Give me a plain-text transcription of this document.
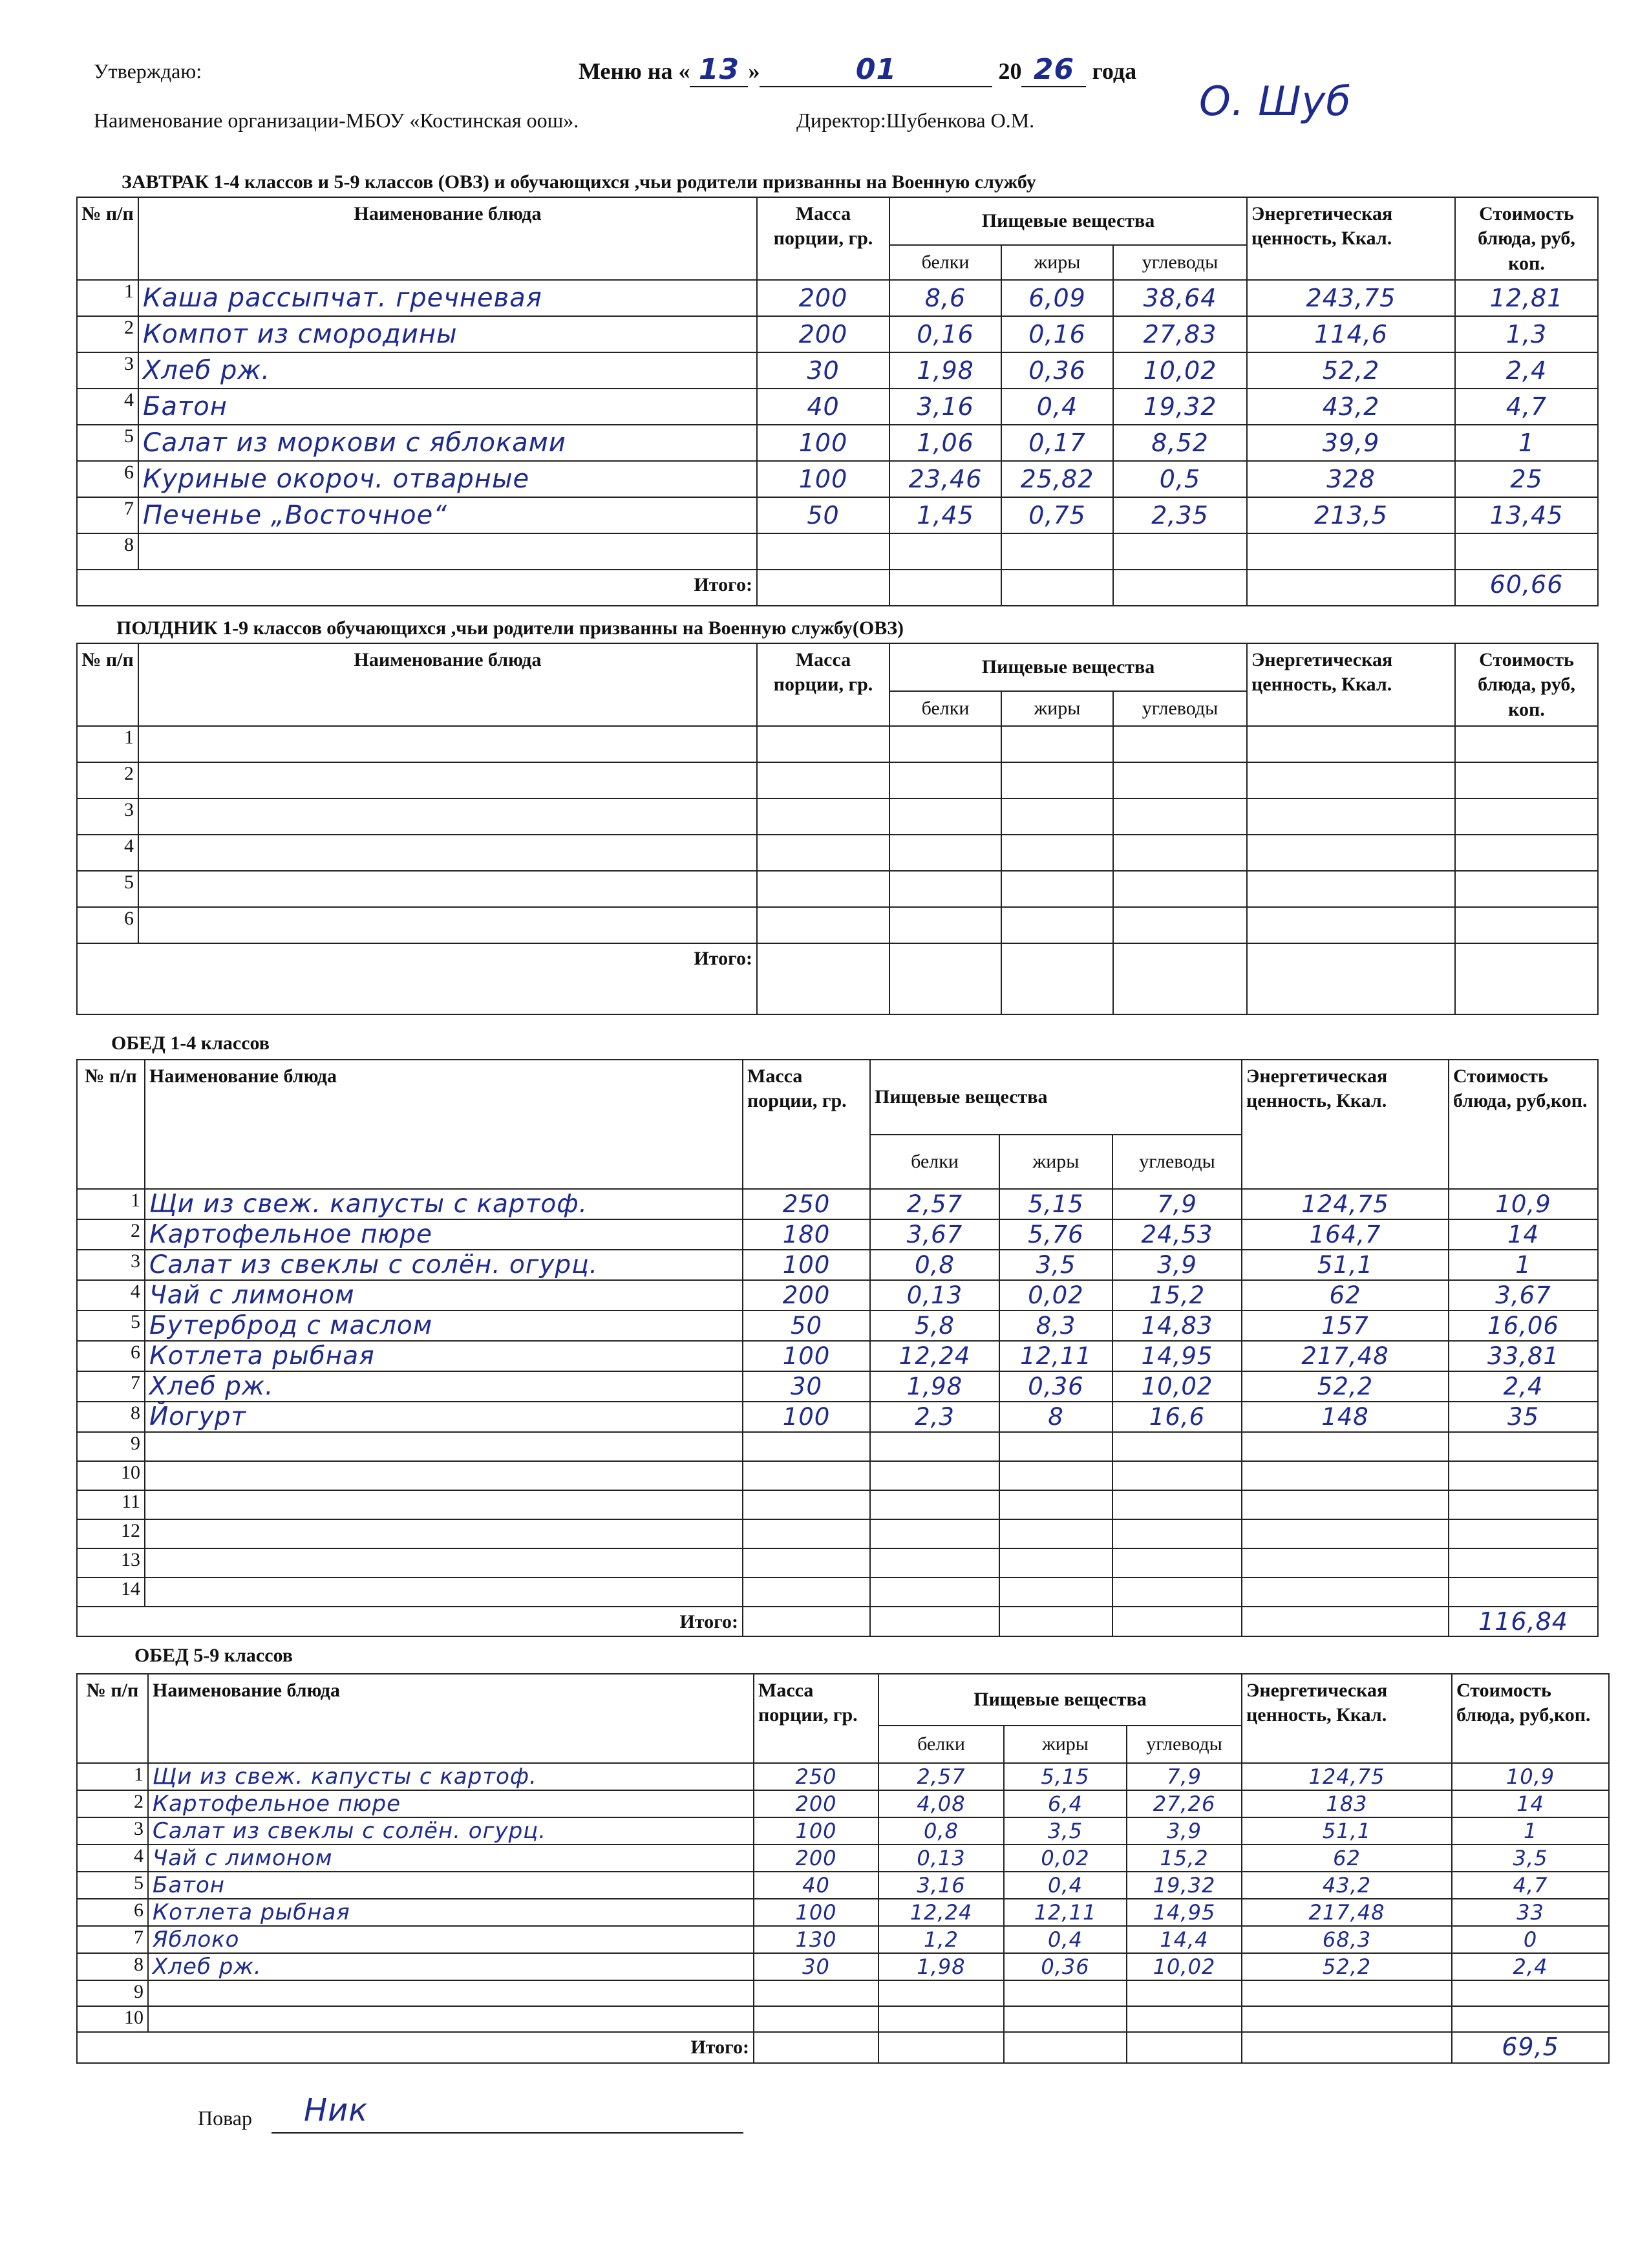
Утверждаю:	Меню на « 13 »	01	20 26 года
Наименование организации-МБОУ «Костинская оош».	Директор:Шубенкова О.М.	О. Шуб
ЗАВТРАК 1-4 классов и 5-9 классов (ОВЗ) и обучающихся ,чьи родители призванны на Военную службу
ПОЛДНИК 1-9 классов обучающихся ,чьи родители призванны на Военную службу(ОВЗ)
ОБЕД 1-4 классов
ОБЕД 5-9 классов
№ п/п	Наименование блюда	Масса порции, гр.	Пищевые вещества			Энергетическая ценность, Ккал.	Стоимость блюда, руб, коп.
			белки	жиры	углеводы		
1	Каша рассыпчат. гречневая	200	8,6	6,09	38,64	243,75	12,81
2	Компот из смородины	200	0,16	0,16	27,83	114,6	1,3
3	Хлеб рж.	30	1,98	0,36	10,02	52,2	2,4
4	Батон	40	3,16	0,4	19,32	43,2	4,7
5	Салат из моркови с яблоками	100	1,06	0,17	8,52	39,9	1
6	Куриные окорoч. отварные	100	23,46	25,82	0,5	328	25
7	Печенье „Восточное“	50	1,45	0,75	2,35	213,5	13,45
8							
Итого:							60,66
№ п/п	Наименование блюда	Масса порции, гр.	Пищевые вещества			Энергетическая ценность, Ккал.	Стоимость блюда, руб, коп.
			белки	жиры	углеводы		
1							
2							
3							
4							
5							
6							
Итого:							
№ п/п	Наименование блюда	Масса порции, гр.	Пищевые вещества			Энергетическая ценность, Ккал.	Стоимость блюда, руб,коп.
			белки	жиры	углеводы		
1	Щи из свеж. капусты с картоф.	250	2,57	5,15	7,9	124,75	10,9
2	Картофельное пюре	180	3,67	5,76	24,53	164,7	14
3	Салат из свеклы с солён. огурц.	100	0,8	3,5	3,9	51,1	1
4	Чай с лимоном	200	0,13	0,02	15,2	62	3,67
5	Бутерброд с маслом	50	5,8	8,3	14,83	157	16,06
6	Котлета рыбная	100	12,24	12,11	14,95	217,48	33,81
7	Хлеб рж.	30	1,98	0,36	10,02	52,2	2,4
8	Йогурт	100	2,3	8	16,6	148	35
9							
10							
11							
12							
13							
14							
Итого:							116,84
№ п/п	Наименование блюда	Масса порции, гр.	Пищевые вещества			Энергетическая ценность, Ккал.	Стоимость блюда, руб,коп.
			белки	жиры	углеводы		
1	Щи из свеж. капусты с картоф.	250	2,57	5,15	7,9	124,75	10,9
2	Картофельное пюре	200	4,08	6,4	27,26	183	14
3	Салат из свеклы с солён. огурц.	100	0,8	3,5	3,9	51,1	1
4	Чай с лимоном	200	0,13	0,02	15,2	62	3,5
5	Батон	40	3,16	0,4	19,32	43,2	4,7
6	Котлета рыбная	100	12,24	12,11	14,95	217,48	33
7	Яблоко	130	1,2	0,4	14,4	68,3	0
8	Хлеб рж.	30	1,98	0,36	10,02	52,2	2,4
9							
10							
Итого:							69,5
Повар Ник
